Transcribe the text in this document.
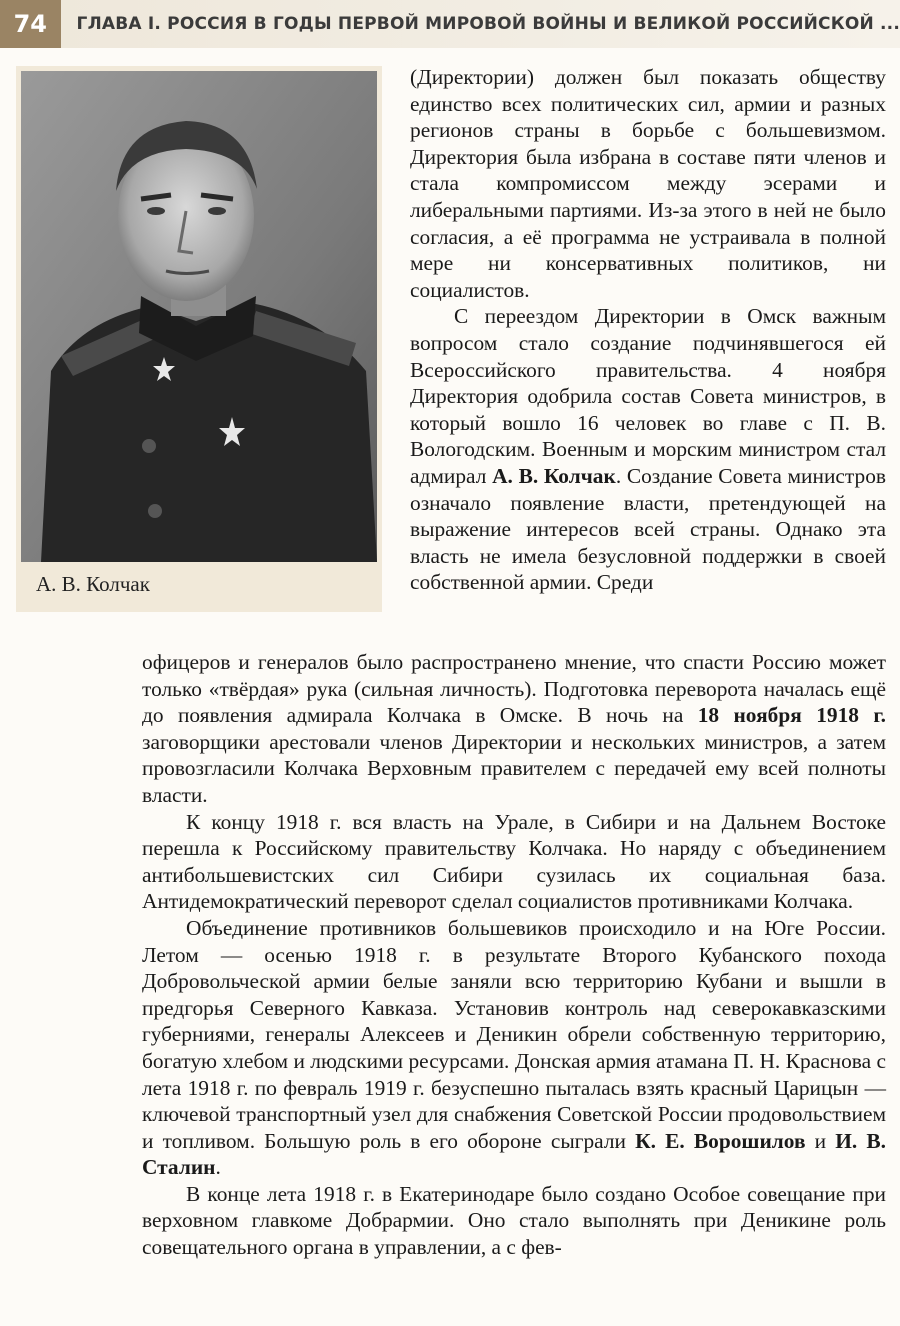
74	ГЛАВА I. РОССИЯ В ГОДЫ ПЕРВОЙ МИРОВОЙ ВОЙНЫ И ВЕЛИКОЙ РОССИЙСКОЙ ...
А. В. Колчак

(Директории) должен был показать обществу единство всех политических сил, армии и разных регионов страны в борьбе с большевизмом. Директория была избрана в составе пяти членов и стала компромиссом между эсерами и либеральными партиями. Из-за этого в ней не было согласия, а её программа не устраивала в полной мере ни консервативных политиков, ни социалистов.

С переездом Директории в Омск важным вопросом стало создание подчинявшегося ей Всероссийского правительства. 4 ноября Директория одобрила состав Совета министров, в который вошло 16 человек во главе с П. В. Вологодским. Военным и морским министром стал адмирал А. В. Колчак. Создание Совета министров означало появление власти, претендующей на выражение интересов всей страны. Однако эта власть не имела безусловной поддержки в своей собственной армии. Среди

офицеров и генералов было распространено мнение, что спасти Россию может только «твёрдая» рука (сильная личность). Подготовка переворота началась ещё до появления адмирала Колчака в Омске. В ночь на 18 ноября 1918 г. заговорщики арестовали членов Директории и нескольких министров, а затем провозгласили Колчака Верховным правителем с передачей ему всей полноты власти.

К концу 1918 г. вся власть на Урале, в Сибири и на Дальнем Востоке перешла к Российскому правительству Колчака. Но наряду с объединением антибольшевистских сил Сибири сузилась их социальная база. Антидемократический переворот сделал социалистов противниками Колчака.

Объединение противников большевиков происходило и на Юге России. Летом — осенью 1918 г. в результате Второго Кубанского похода Добровольческой армии белые заняли всю территорию Кубани и вышли в предгорья Северного Кавказа. Установив контроль над северокавказскими губерниями, генералы Алексеев и Деникин обрели собственную территорию, богатую хлебом и людскими ресурсами. Донская армия атамана П. Н. Краснова с лета 1918 г. по февраль 1919 г. безуспешно пыталась взять красный Царицын — ключевой транспортный узел для снабжения Советской России продовольствием и топливом. Большую роль в его обороне сыграли К. Е. Ворошилов и И. В. Сталин.

В конце лета 1918 г. в Екатеринодаре было создано Особое совещание при верховном главкоме Добрармии. Оно стало выполнять при Деникине роль совещательного органа в управлении, а с фев-
